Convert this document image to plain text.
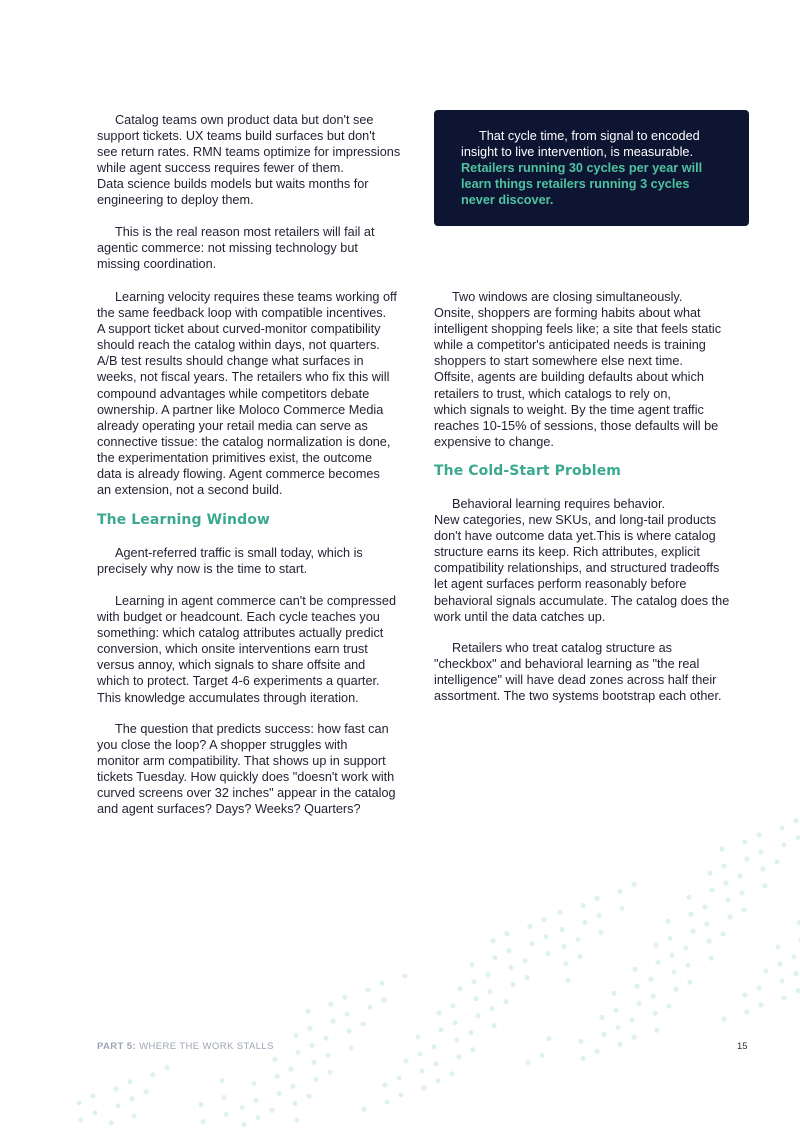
Catalog teams own product data but don't see
support tickets. UX teams build surfaces but don't
see return rates. RMN teams optimize for impressions
while agent success requires fewer of them.
Data science builds models but waits months for
engineering to deploy them.

This is the real reason most retailers will fail at
agentic commerce: not missing technology but
missing coordination.

Learning velocity requires these teams working off
the same feedback loop with compatible incentives.
A support ticket about curved-monitor compatibility
should reach the catalog within days, not quarters.
A/B test results should change what surfaces in
weeks, not fiscal years. The retailers who fix this will
compound advantages while competitors debate
ownership. A partner like Moloco Commerce Media
already operating your retail media can serve as
connective tissue: the catalog normalization is done,
the experimentation primitives exist, the outcome
data is already flowing. Agent commerce becomes
an extension, not a second build.

The Learning Window

Agent-referred traffic is small today, which is
precisely why now is the time to start.

Learning in agent commerce can't be compressed
with budget or headcount. Each cycle teaches you
something: which catalog attributes actually predict
conversion, which onsite interventions earn trust
versus annoy, which signals to share offsite and
which to protect. Target 4-6 experiments a quarter.
This knowledge accumulates through iteration.

The question that predicts success: how fast can
you close the loop? A shopper struggles with
monitor arm compatibility. That shows up in support
tickets Tuesday. How quickly does "doesn't work with
curved screens over 32 inches" appear in the catalog
and agent surfaces? Days? Weeks? Quarters?

That cycle time, from signal to encoded
insight to live intervention, is measurable.
Retailers running 30 cycles per year will
learn things retailers running 3 cycles
never discover.

Two windows are closing simultaneously.
Onsite, shoppers are forming habits about what
intelligent shopping feels like; a site that feels static
while a competitor's anticipated needs is training
shoppers to start somewhere else next time.
Offsite, agents are building defaults about which
retailers to trust, which catalogs to rely on,
which signals to weight. By the time agent traffic
reaches 10-15% of sessions, those defaults will be
expensive to change.

The Cold-Start Problem

Behavioral learning requires behavior.
New categories, new SKUs, and long-tail products
don't have outcome data yet.This is where catalog
structure earns its keep. Rich attributes, explicit
compatibility relationships, and structured tradeoffs
let agent surfaces perform reasonably before
behavioral signals accumulate. The catalog does the
work until the data catches up.

Retailers who treat catalog structure as
"checkbox" and behavioral learning as "the real
intelligence" will have dead zones across half their
assortment. The two systems bootstrap each other.

PART 5: WHERE THE WORK STALLS	15
